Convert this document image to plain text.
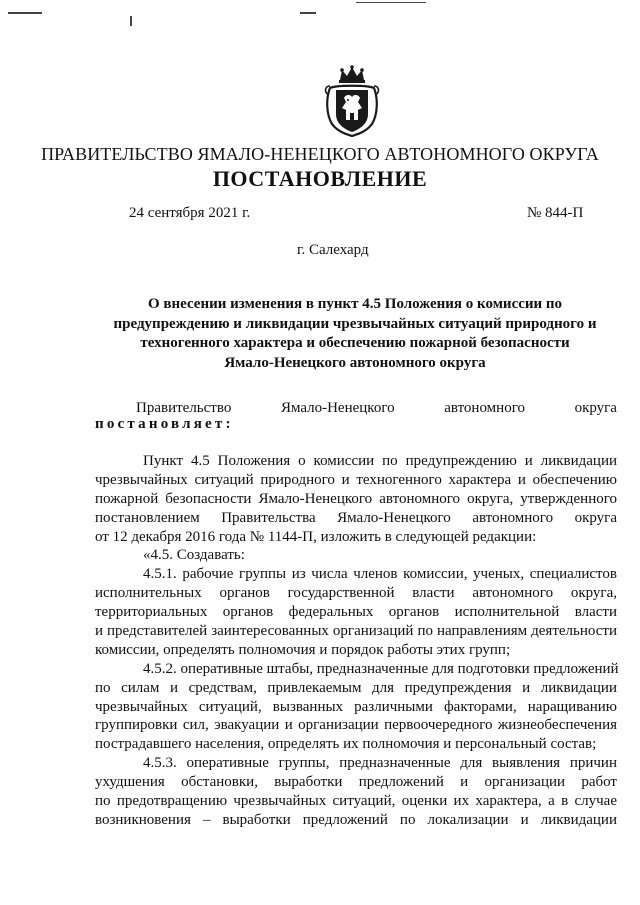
ПРАВИТЕЛЬСТВО ЯМАЛО-НЕНЕЦКОГО АВТОНОМНОГО ОКРУГА
ПОСТАНОВЛЕНИЕ
24 сентября 2021 г.	№ 844-П
г. Салехард
О внесении изменения в пункт 4.5 Положения о комиссии по
предупреждению и ликвидации чрезвычайных ситуаций природного и
техногенного характера и обеспечению пожарной безопасности
Ямало-Ненецкого автономного округа
Правительство	Ямало-Ненецкого	автономного	округа
постановляет:
Пункт 4.5 Положения о комиссии по предупреждению и ликвидации
чрезвычайных ситуаций природного и техногенного характера и обеспечению
пожарной безопасности Ямало-Ненецкого автономного округа, утвержденного
постановлением Правительства Ямало-Ненецкого автономного округа
от 12 декабря 2016 года № 1144-П, изложить в следующей редакции:
«4.5. Создавать:
4.5.1. рабочие группы из числа членов комиссии, ученых, специалистов
исполнительных органов государственной власти автономного округа,
территориальных органов федеральных органов исполнительной власти
и представителей заинтересованных организаций по направлениям деятельности
комиссии, определять полномочия и порядок работы этих групп;
4.5.2. оперативные штабы, предназначенные для подготовки предложений
по силам и средствам, привлекаемым для предупреждения и ликвидации
чрезвычайных ситуаций, вызванных различными факторами, наращиванию
группировки сил, эвакуации и организации первоочередного жизнеобеспечения
пострадавшего населения, определять их полномочия и персональный состав;
4.5.3. оперативные группы, предназначенные для выявления причин
ухудшения обстановки, выработки предложений и организации работ
по предотвращению чрезвычайных ситуаций, оценки их характера, а в случае
возникновения – выработки предложений по локализации и ликвидации
